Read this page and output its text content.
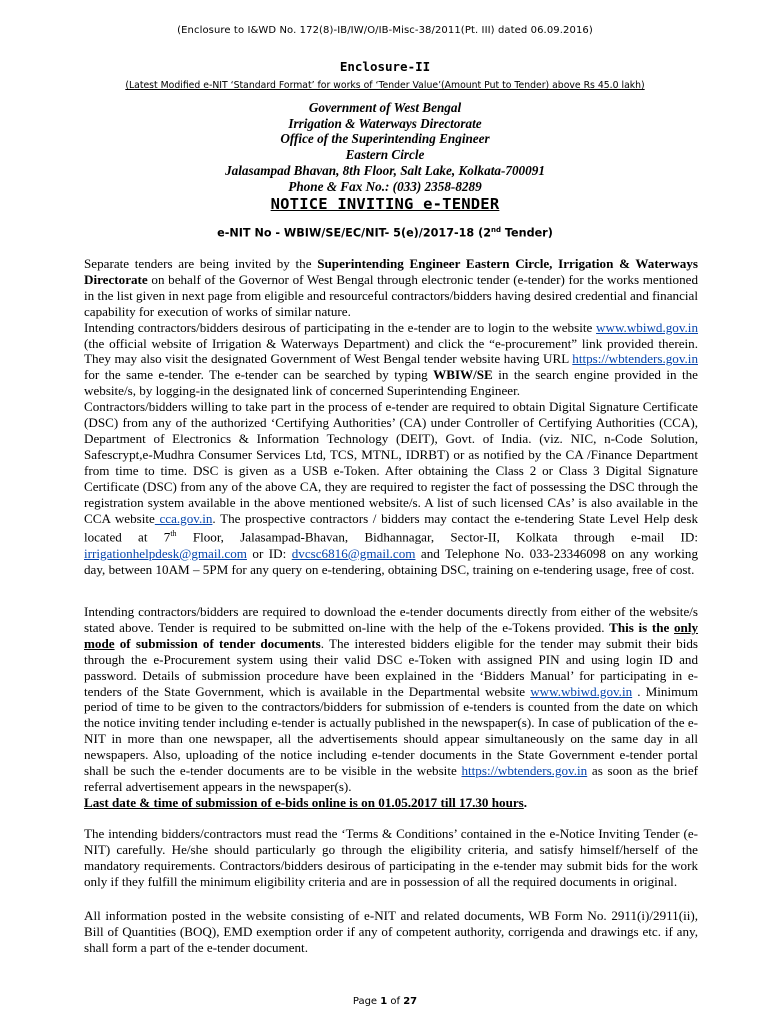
(Enclosure to I&WD No. 172(8)-IB/IW/O/IB-Misc-38/2011(Pt. III) dated 06.09.2016)
Enclosure-II
(Latest Modified e-NIT ‘Standard Format’ for works of ‘Tender Value’(Amount Put to Tender) above Rs 45.0 lakh)
Government of West Bengal
Irrigation & Waterways Directorate
Office of the Superintending Engineer
Eastern Circle
Jalasampad Bhavan, 8th Floor, Salt Lake, Kolkata-700091
Phone & Fax No.: (033) 2358-8289
NOTICE INVITING e-TENDER
e-NIT No - WBIW/SE/EC/NIT- 5(e)/2017-18 (2nd Tender)

Separate tenders are being invited by the Superintending Engineer Eastern Circle, Irrigation & Waterways Directorate on behalf of the Governor of West Bengal through electronic tender (e-tender) for the works mentioned in the list given in next page from eligible and resourceful contractors/bidders having desired credential and financial capability for execution of works of similar nature.

Intending contractors/bidders desirous of participating in the e-tender are to login to the website www.wbiwd.gov.in (the official website of Irrigation & Waterways Department) and click the “e-procurement” link provided therein. They may also visit the designated Government of West Bengal tender website having URL https://wbtenders.gov.in for the same e-tender. The e-tender can be searched by typing WBIW/SE in the search engine provided in the website/s, by logging-in the designated link of concerned Superintending Engineer.

Contractors/bidders willing to take part in the process of e-tender are required to obtain Digital Signature Certificate (DSC) from any of the authorized ‘Certifying Authorities’ (CA) under Controller of Certifying Authorities (CCA), Department of Electronics & Information Technology (DEIT), Govt. of India. (viz. NIC, n-Code Solution, Safescrypt,e-Mudhra Consumer Services Ltd, TCS, MTNL, IDRBT) or as notified by the CA /Finance Department from time to time. DSC is given as a USB e-Token. After obtaining the Class 2 or Class 3 Digital Signature Certificate (DSC) from any of the above CA, they are required to register the fact of possessing the DSC through the registration system available in the above mentioned website/s. A list of such licensed CAs’ is also available in the CCA website cca.gov.in. The prospective contractors / bidders may contact the e-tendering State Level Help desk located at 7th Floor, Jalasampad-Bhavan, Bidhannagar, Sector-II, Kolkata through e-mail ID: irrigationhelpdesk@gmail.com or ID: dvcsc6816@gmail.com and Telephone No. 033-23346098 on any working day, between 10AM – 5PM for any query on e-tendering, obtaining DSC, training on e-tendering usage, free of cost.

Intending contractors/bidders are required to download the e-tender documents directly from either of the website/s stated above. Tender is required to be submitted on-line with the help of the e-Tokens provided. This is the only mode of submission of tender documents. The interested bidders eligible for the tender may submit their bids through the e-Procurement system using their valid DSC e-Token with assigned PIN and using login ID and password. Details of submission procedure have been explained in the ‘Bidders Manual’ for participating in e-tenders of the State Government, which is available in the Departmental website www.wbiwd.gov.in . Minimum period of time to be given to the contractors/bidders for submission of e-tenders is counted from the date on which the notice inviting tender including e-tender is actually published in the newspaper(s). In case of publication of the e-NIT in more than one newspaper, all the advertisements should appear simultaneously on the same day in all newspapers. Also, uploading of the notice including e-tender documents in the State Government e-tender portal shall be such the e-tender documents are to be visible in the website https://wbtenders.gov.in as soon as the brief referral advertisement appears in the newspaper(s).

Last date & time of submission of e-bids online is on 01.05.2017 till 17.30 hours.

The intending bidders/contractors must read the ‘Terms & Conditions’ contained in the e-Notice Inviting Tender (e-NIT) carefully. He/she should particularly go through the eligibility criteria, and satisfy himself/herself of the mandatory requirements. Contractors/bidders desirous of participating in the e-tender may submit bids for the work only if they fulfill the minimum eligibility criteria and are in possession of all the required documents in original.

All information posted in the website consisting of e-NIT and related documents, WB Form No. 2911(i)/2911(ii), Bill of Quantities (BOQ), EMD exemption order if any of competent authority, corrigenda and drawings etc. if any, shall form a part of the e-tender document.

Page 1 of 27
